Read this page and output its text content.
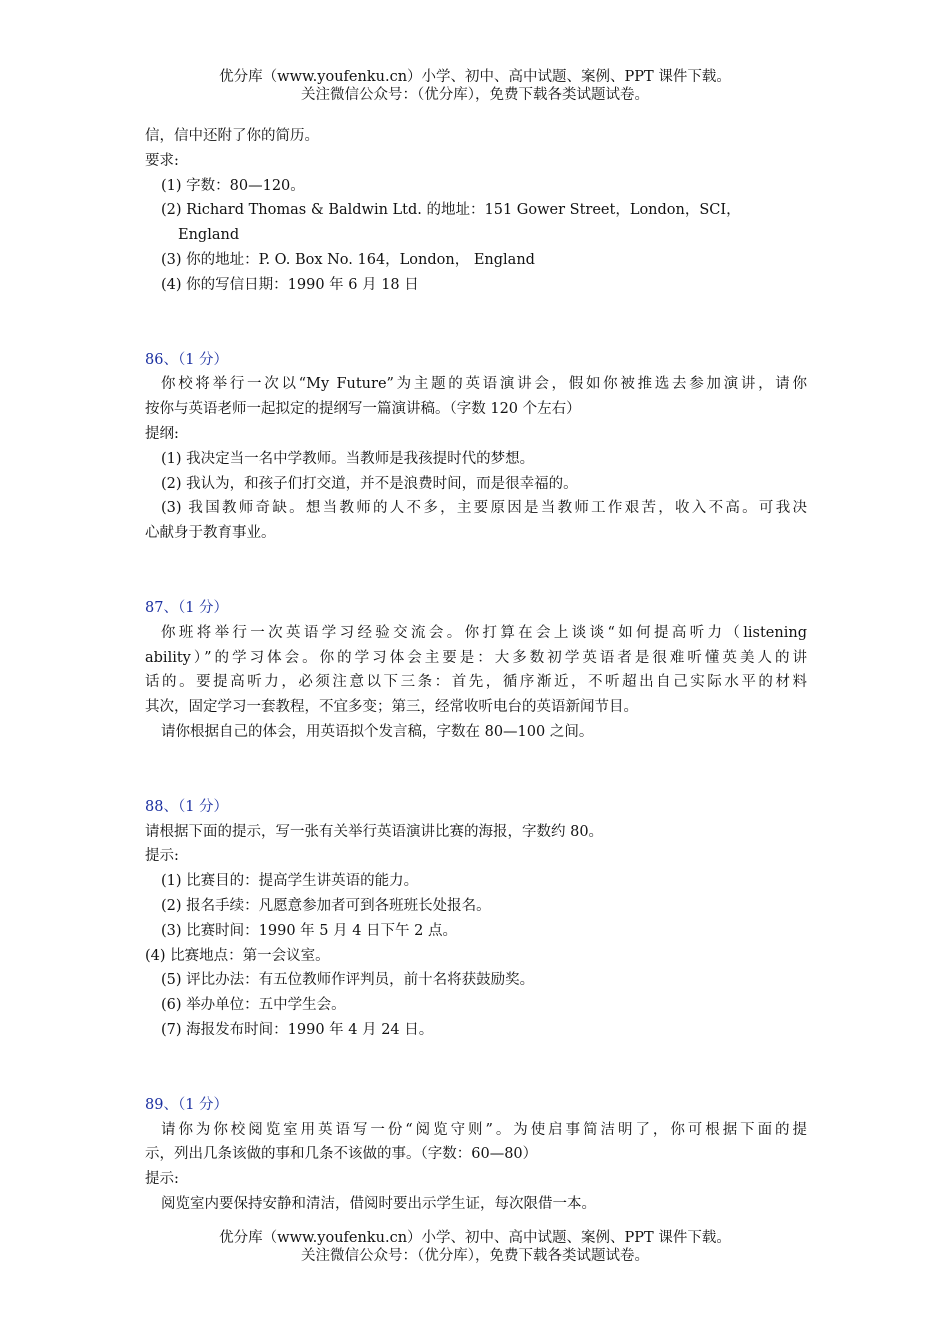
优分库（www.youfenku.cn）小学、初中、高中试题、案例、PPT 课件下载。
关注微信公众号：（优分库），免费下载各类试题试卷。
信，信中还附了你的简历。
要求:
(1) 字数：80—120。
(2) Richard Thomas & Baldwin Ltd. 的地址：151 Gower Street，London，SCI，
England
(3) 你的地址：P. O. Box No. 164，London， England
(4) 你的写信日期：1990 年 6 月 18 日
86、（1 分）
你校将举行一次以“My Future”为主题的英语演讲会，假如你被推选去参加演讲，请你
按你与英语老师一起拟定的提纲写一篇演讲稿。（字数 120 个左右）
提纲:
(1) 我决定当一名中学教师。当教师是我孩提时代的梦想。
(2) 我认为，和孩子们打交道，并不是浪费时间，而是很幸福的。
(3) 我国教师奇缺。想当教师的人不多，主要原因是当教师工作艰苦，收入不高。可我决
心献身于教育事业。
87、（1 分）
你班将举行一次英语学习经验交流会。你打算在会上谈谈“如何提高听力（listening
ability）”的学习体会。你的学习体会主要是：大多数初学英语者是很难听懂英美人的讲
话的。要提高听力，必须注意以下三条：首先，循序渐近，不听超出自己实际水平的材料
其次，固定学习一套教程，不宜多变；第三，经常收听电台的英语新闻节目。
请你根据自己的体会，用英语拟个发言稿，字数在 80—100 之间。
88、（1 分）
请根据下面的提示，写一张有关举行英语演讲比赛的海报，字数约 80。
提示:
(1) 比赛目的：提高学生讲英语的能力。
(2) 报名手续：凡愿意参加者可到各班班长处报名。
(3) 比赛时间：1990 年 5 月 4 日下午 2 点。
(4) 比赛地点：第一会议室。
(5) 评比办法：有五位教师作评判员，前十名将获鼓励奖。
(6) 举办单位：五中学生会。
(7) 海报发布时间：1990 年 4 月 24 日。
89、（1 分）
请你为你校阅览室用英语写一份“阅览守则”。为使启事简洁明了，你可根据下面的提
示，列出几条该做的事和几条不该做的事。（字数：60—80）
提示:
阅览室内要保持安静和清洁，借阅时要出示学生证，每次限借一本。
优分库（www.youfenku.cn）小学、初中、高中试题、案例、PPT 课件下载。
关注微信公众号：（优分库），免费下载各类试题试卷。
